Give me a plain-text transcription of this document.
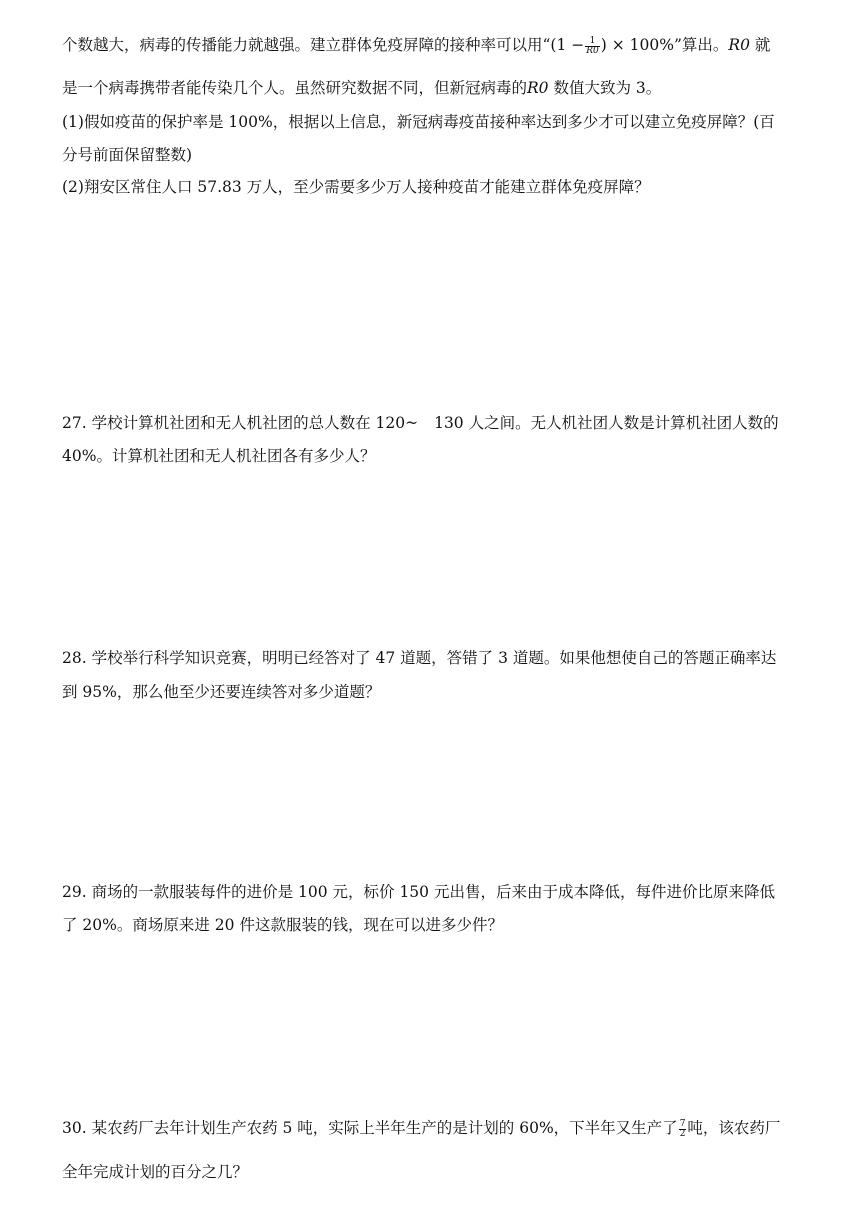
个数越大，病毒的传播能力就越强。建立群体免疫屏障的接种率可以用“($1 - \frac{1}{R0}$ ) × 100%”算出。R0 就
是一个病毒携带者能传染几个人。虽然研究数据不同，但新冠病毒的R0 数值大致为 3。
(1)假如疫苗的保护率是 100%，根据以上信息，新冠病毒疫苗接种率达到多少才可以建立免疫屏障？(百
分号前面保留整数)
(2)翔安区常住人口 57.83 万人，至少需要多少万人接种疫苗才能建立群体免疫屏障？
27. 学校计算机社团和无人机社团的总人数在 120~ 130 人之间。无人机社团人数是计算机社团人数的
40%。计算机社团和无人机社团各有多少人？
28. 学校举行科学知识竞赛，明明已经答对了 47 道题，答错了 3 道题。如果他想使自己的答题正确率达
到 95%，那么他至少还要连续答对多少道题？
29. 商场的一款服装每件的进价是 100 元，标价 150 元出售，后来由于成本降低，每件进价比原来降低
了 20%。商场原来进 20 件这款服装的钱，现在可以进多少件？
30. 某农药厂去年计划生产农药 5 吨，实际上半年生产的是计划的 60%，下半年又生产了 $\frac{7}{2}$ 吨，该农药厂
全年完成计划的百分之几？
